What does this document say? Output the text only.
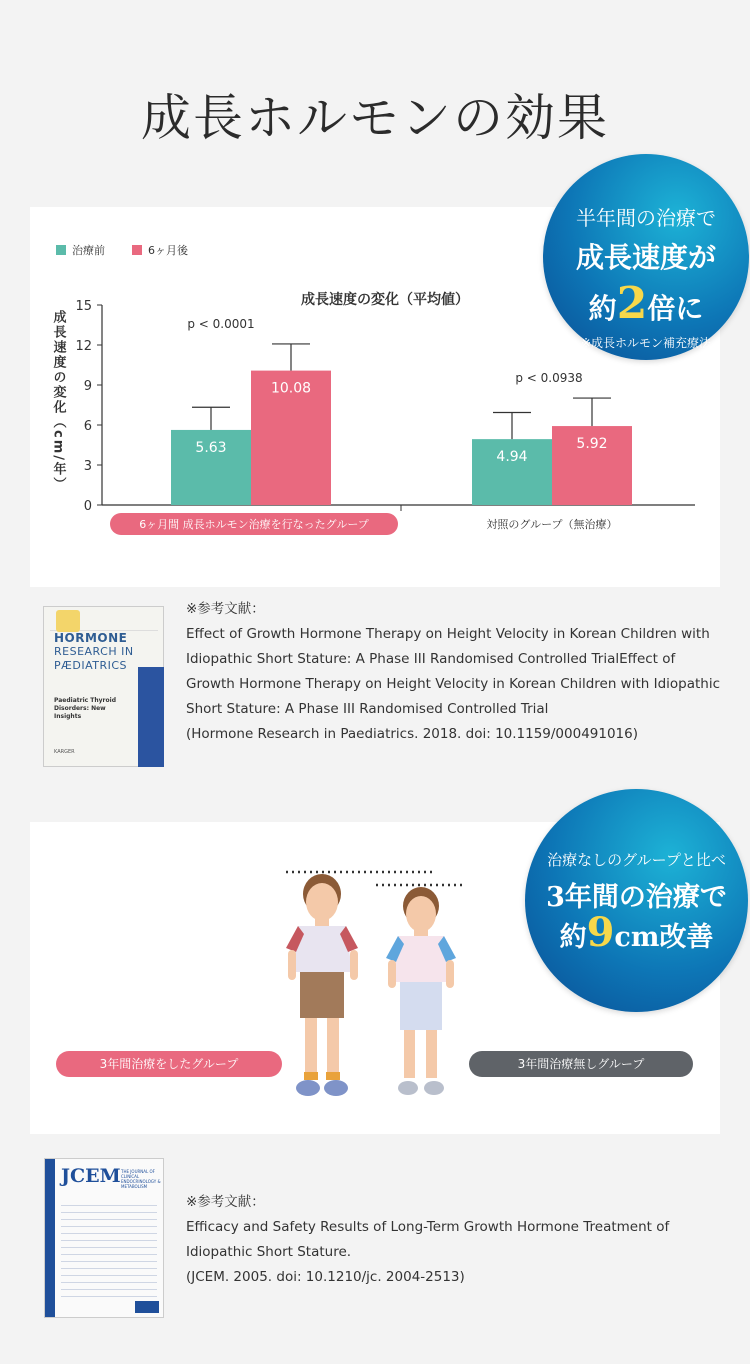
成長ホルモンの効果
治療前	6ヶ月後
成長速度の変化（平均値）
成長速度の変化（cm/年）
0
3
6
9
12
15
5.63
10.08
p < 0.0001
4.94
5.92
p < 0.0938
6ヶ月間 成長ホルモン治療を行なったグループ	対照のグループ（無治療）
半年間の治療で
成長速度が
約2倍に
※成長ホルモン補充療法
HORMONE
RESEARCH IN
PÆDIATRICS
Paediatric Thyroid Disorders: New Insights
KARGER
※参考文献：
Effect of Growth Hormone Therapy on Height Velocity in Korean Children with Idiopathic Short Stature: A Phase III Randomised Controlled TrialEffect of Growth Hormone Therapy on Height Velocity in Korean Children with Idiopathic Short Stature: A Phase III Randomised Controlled Trial
(Hormone Research in Paediatrics. 2018. doi: 10.1159/000491016)
3年間治療をしたグループ	3年間治療無しグループ
治療なしのグループと比べ
3年間の治療で
約9cm改善
JCEM THE JOURNAL OF CLINICAL ENDOCRINOLOGY & METABOLISM
※参考文献：
Efficacy and Safety Results of Long-Term Growth Hormone Treatment of Idiopathic Short Stature.
(JCEM. 2005. doi: 10.1210/jc. 2004-2513)
